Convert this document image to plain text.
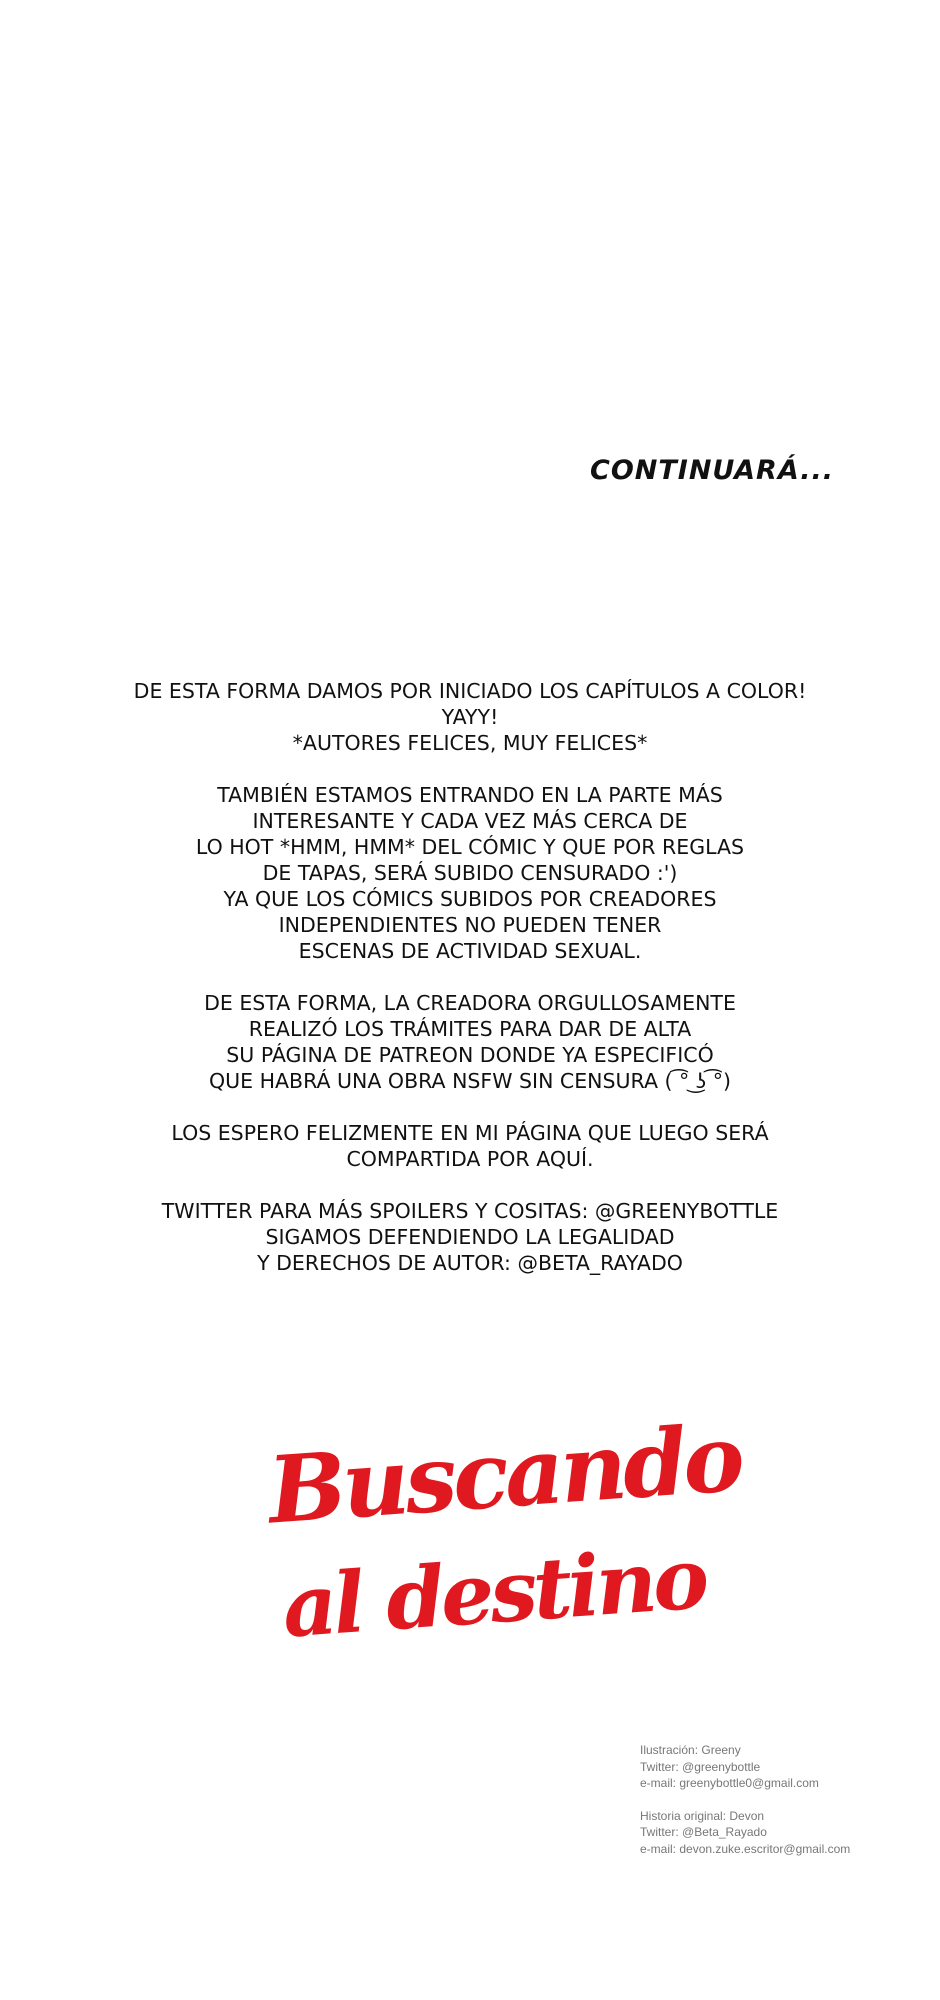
CONTINUARÁ...
DE ESTA FORMA DAMOS POR INICIADO LOS CAPÍTULOS A COLOR!
YAYY!
*AUTORES FELICES, MUY FELICES*
TAMBIÉN ESTAMOS ENTRANDO EN LA PARTE MÁS
INTERESANTE Y CADA VEZ MÁS CERCA DE
LO HOT *HMM, HMM* DEL CÓMIC Y QUE POR REGLAS
DE TAPAS, SERÁ SUBIDO CENSURADO :')
YA QUE LOS CÓMICS SUBIDOS POR CREADORES
INDEPENDIENTES NO PUEDEN TENER
ESCENAS DE ACTIVIDAD SEXUAL.
DE ESTA FORMA, LA CREADORA ORGULLOSAMENTE
REALIZÓ LOS TRÁMITES PARA DAR DE ALTA
SU PÁGINA DE PATREON DONDE YA ESPECIFICÓ
QUE HABRÁ UNA OBRA NSFW SIN CENSURA ( ͡° ͜ʖ ͡°)
LOS ESPERO FELIZMENTE EN MI PÁGINA QUE LUEGO SERÁ
COMPARTIDA POR AQUÍ.
TWITTER PARA MÁS SPOILERS Y COSITAS: @GREENYBOTTLE
SIGAMOS DEFENDIENDO LA LEGALIDAD
Y DERECHOS DE AUTOR: @BETA_RAYADO
Buscando
al destino
Ilustración: Greeny
Twitter: @greenybottle
e-mail: greenybottle0@gmail.com
Historia original: Devon
Twitter: @Beta_Rayado
e-mail: devon.zuke.escritor@gmail.com
